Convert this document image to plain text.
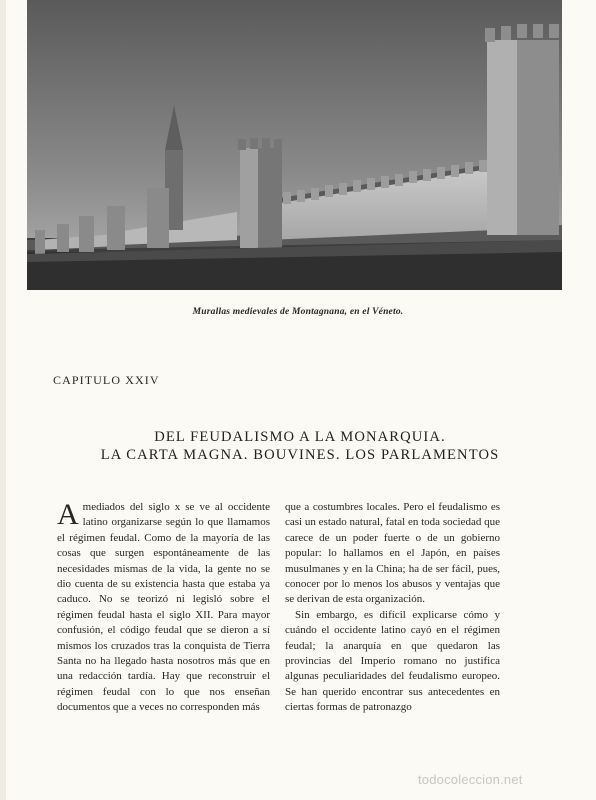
Murallas medievales de Montagnana, en el Véneto.
CAPITULO XXIV
DEL FEUDALISMO A LA MONARQUIA.
LA CARTA MAGNA. BOUVINES. LOS PARLAMENTOS
Amediados del siglo x se ve al occidente latino organizarse según lo que llamamos el régimen feudal. Como de la mayoría de las cosas que surgen espontáneamente de las necesidades mismas de la vida, la gente no se dio cuenta de su existencia hasta que estaba ya caduco. No se teorizó ni legisló sobre el régimen feudal hasta el siglo XII. Para mayor confusión, el código feudal que se dieron a sí mismos los cruzados tras la conquista de Tierra Santa no ha llegado hasta nosotros más que en una redacción tardía. Hay que reconstruir el régimen feudal con lo que nos enseñan documentos que a veces no corresponden más

que a costumbres locales. Pero el feudalismo es casi un estado natural, fatal en toda sociedad que carece de un poder fuerte o de un gobierno popular: lo hallamos en el Japón, en países musulmanes y en la China; ha de ser fácil, pues, conocer por lo menos los abusos y ventajas que se derivan de esta organización.

Sin embargo, es difícil explicarse cómo y cuándo el occidente latino cayó en el régimen feudal; la anarquía en que quedaron las provincias del Imperio romano no justifica algunas peculiaridades del feudalismo europeo. Se han querido encontrar sus antecedentes en ciertas formas de patronazgo

todocoleccion.net
